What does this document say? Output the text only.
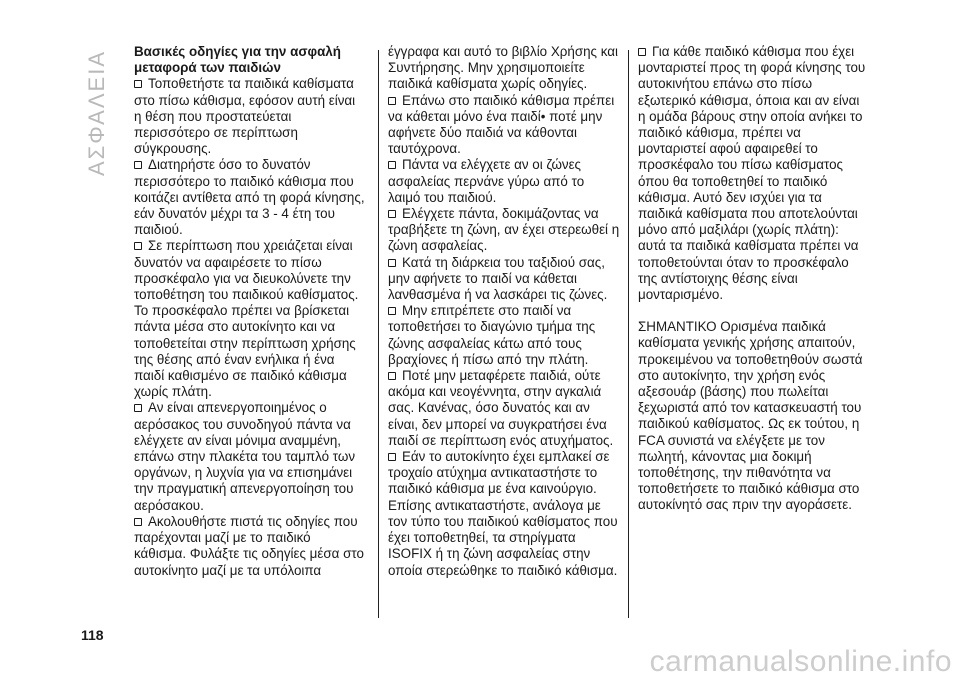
ΑΣΦΑΛΕΙΑ Βασικές οδηγίες για την ασφαλή μεταφορά των παιδιών

Τοποθετήστε τα παιδικά καθίσματα στο πίσω κάθισμα, εφόσον αυτή είναι η θέση που προστατεύεται περισσότερο σε περίπτωση σύγκρουσης.

Διατηρήστε όσο το δυνατόν περισσότερο το παιδικό κάθισμα που κοιτάζει αντίθετα από τη φορά κίνησης, εάν δυνατόν μέχρι τα 3 - 4 έτη του παιδιού.

Σε περίπτωση που χρειάζεται είναι δυνατόν να αφαιρέσετε το πίσω προσκέφαλο για να διευκολύνετε την τοποθέτηση του παιδικού καθίσματος. Το προσκέφαλο πρέπει να βρίσκεται πάντα μέσα στο αυτοκίνητο και να τοποθετείται στην περίπτωση χρήσης της θέσης από έναν ενήλικα ή ένα παιδί καθισμένο σε παιδικό κάθισμα χωρίς πλάτη.

Αν είναι απενεργοποιημένος ο αερόσακος του συνοδηγού πάντα να ελέγχετε αν είναι μόνιμα αναμμένη, επάνω στην πλακέτα του ταμπλό των οργάνων, η λυχνία για να επισημάνει την πραγματική απενεργοποίηση του αερόσακου.

Ακολουθήστε πιστά τις οδηγίες που παρέχονται μαζί με το παιδικό κάθισμα. Φυλάξτε τις οδηγίες μέσα στο αυτοκίνητο μαζί με τα υπόλοιπα

έγγραφα και αυτό το βιβλίο Χρήσης και Συντήρησης. Μην χρησιμοποιείτε παιδικά καθίσματα χωρίς οδηγίες.

Επάνω στο παιδικό κάθισμα πρέπει να κάθεται μόνο ένα παιδί• ποτέ μην αφήνετε δύο παιδιά να κάθονται ταυτόχρονα.

Πάντα να ελέγχετε αν οι ζώνες ασφαλείας περνάνε γύρω από το λαιμό του παιδιού.

Ελέγχετε πάντα, δοκιμάζοντας να τραβήξετε τη ζώνη, αν έχει στερεωθεί η ζώνη ασφαλείας.

Κατά τη διάρκεια του ταξιδιού σας, μην αφήνετε το παιδί να κάθεται λανθασμένα ή να λασκάρει τις ζώνες.

Μην επιτρέπετε στο παιδί να τοποθετήσει το διαγώνιο τμήμα της ζώνης ασφαλείας κάτω από τους βραχίονες ή πίσω από την πλάτη.

Ποτέ μην μεταφέρετε παιδιά, ούτε ακόμα και νεογέννητα, στην αγκαλιά σας. Κανένας, όσο δυνατός και αν είναι, δεν μπορεί να συγκρατήσει ένα παιδί σε περίπτωση ενός ατυχήματος.

Εάν το αυτοκίνητο έχει εμπλακεί σε τροχαίο ατύχημα αντικαταστήστε το παιδικό κάθισμα με ένα καινούργιο. Επίσης αντικαταστήστε, ανάλογα με τον τύπο του παιδικού καθίσματος που έχει τοποθετηθεί, τα στηρίγματα ISOFIX ή τη ζώνη ασφαλείας στην οποία στερεώθηκε το παιδικό κάθισμα.

Για κάθε παιδικό κάθισμα που έχει μονταριστεί προς τη φορά κίνησης του αυτοκινήτου επάνω στο πίσω εξωτερικό κάθισμα, όποια και αν είναι η ομάδα βάρους στην οποία ανήκει το παιδικό κάθισμα, πρέπει να μονταριστεί αφού αφαιρεθεί το προσκέφαλο του πίσω καθίσματος όπου θα τοποθετηθεί το παιδικό κάθισμα. Αυτό δεν ισχύει για τα παιδικά καθίσματα που αποτελούνται μόνο από μαξιλάρι (χωρίς πλάτη): αυτά τα παιδικά καθίσματα πρέπει να τοποθετούνται όταν το προσκέφαλο της αντίστοιχης θέσης είναι μονταρισμένο.

ΣΗΜΑΝΤΙΚΟ Ορισμένα παιδικά καθίσματα γενικής χρήσης απαιτούν, προκειμένου να τοποθετηθούν σωστά στο αυτοκίνητο, την χρήση ενός αξεσουάρ (βάσης) που πωλείται ξεχωριστά από τον κατασκευαστή του παιδικού καθίσματος. Ως εκ τούτου, η FCA συνιστά να ελέγξετε με τον πωλητή, κάνοντας μια δοκιμή τοποθέτησης, την πιθανότητα να τοποθετήσετε το παιδικό κάθισμα στο αυτοκίνητό σας πριν την αγοράσετε.

118
carmanualsonline.info
